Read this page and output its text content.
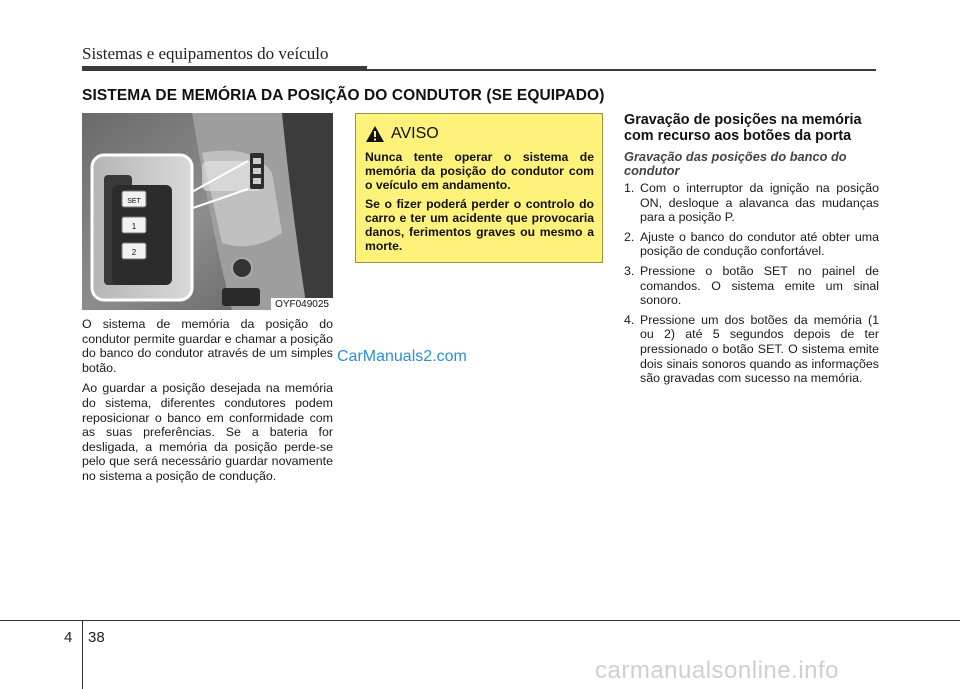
Sistemas e equipamentos do veículo
SISTEMA DE MEMÓRIA DA POSIÇÃO DO CONDUTOR (SE EQUIPADO)
SET
1
2
OYF049025

O sistema de memória da posição do condutor permite guardar e chamar a posição do banco do condutor através de um simples botão.

Ao guardar a posição desejada na memória do sistema, diferentes condutores podem reposicionar o banco em conformidade com as suas preferências. Se a bateria for desligada, a memória da posição perde-se pelo que será necessário guardar novamente no sistema a posição de condução.

AVISO

Nunca tente operar o sistema de memória da posição do condutor com o veículo em andamento.

Se o fizer poderá perder o controlo do carro e ter um acidente que provocaria danos, ferimentos graves ou mesmo a morte.

Gravação de posições na memória com recurso aos botões da porta
Gravação das posições do banco do condutor
1. Com o interruptor da ignição na posição ON, desloque a alavanca das mudanças para a posição P.
2. Ajuste o banco do condutor até obter uma posição de condução confortável.
3. Pressione o botão SET no painel de comandos. O sistema emite um sinal sonoro.
4. Pressione um dos botões da memória (1 ou 2) até 5 segundos depois de ter pressionado o botão SET. O sistema emite dois sinais sonoros quando as informações são gravadas com sucesso na memória.
CarManuals2.com
4 38
carmanualsonline.info
